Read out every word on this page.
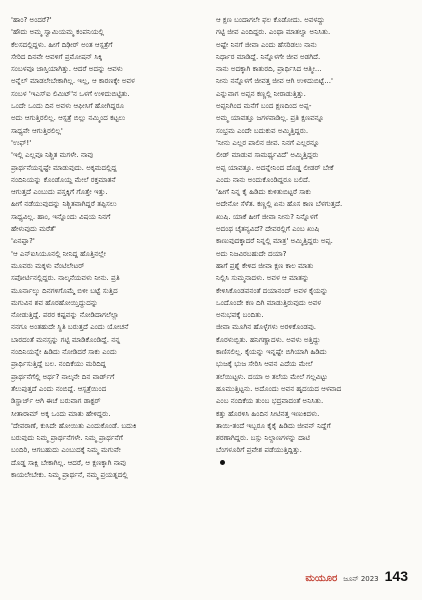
'ಹಾಂ? ಅಂದರೆ?'

'ಹೌದು ಅಮ್ಮ ಸ್ವಾಮಿಯಮ್ಮ ಕಂಪನಿಯಲ್ಲಿ

ಕೆಲಸದಲ್ಲಿದ್ದಳು. ಹೀಗೆ ದಿಢೀರ್ ಅಂತ ಆಸ್ಪತ್ರೆಗೆ

ಸೇರಿದ ದಿನವೇ ಆವಳಿಗೆ ಪ್ರಮೋಷನ್ ಸಿಕ್ಕಿ

ಸಂಬಳವೂ ಜಾಸ್ತಿಯಾಗಿತ್ತು. ಆದರೆ ಅದನ್ನು ಆವಳು

ಅನ್ನೆಲ್ ಮಾಡಲೇಬೇಕಾಗಿಲ್ಲ. ಇಲ್ಲ, ಆ ಕಾರಣಕ್ಕೇ ಅವಳ

ಸಂಬಳ 'ಇಎಸ್‌ಐ ಲಿಮಿಟ್'ನ ಒಳಗೆ ಉಳಿದುಬಿಟ್ಟಿತು.

ಒಂದೇ ಒಂದು ದಿನ ಅವಳು ಆಫೀಸಿಗೆ ಹೋಗಿದ್ದರೂ

ಅದು ಆಗುತ್ತಿರಲಿಲ್ಲ. ಆಸ್ಪತ್ರೆ ಬಿಲ್ಲು ನಮ್ಮಿಂದ ಕಟ್ಟಲು

ಸಾಧ್ಯವೇ ಆಗುತ್ತಿರಲಿಲ್ಲ'

'ಉಫ್!'

'ಇಲ್ಲಿ ಎಲ್ಲವೂ ನಿಶ್ಚಿತ ಮಗಳೇ. ನಾವು

ಪ್ರಾರ್ಥನೆಯನ್ನಷ್ಟೇ ಮಾಡುವುದು. ಅಕ್ಕಮದಲ್ಲಿದ್ದ

ನಂದಿನಿಯನ್ನು ಕೊಂಡೊಯ್ದ ಮೇಲೆ ರಕ್ತಮಾತನೆ

ಆಗುತ್ತದೆ ಎಂಬುದು ಪಸ್ತಕ್ಕಿಗೆ ಗೊತ್ತೇ ಇತ್ತು.

ಹೀಗೆ ನಡೆಯುವುದನ್ನು ನಿಶ್ಚಿತವಾಗಿದ್ದರೆ ತಪ್ಪಿಸಲು

ಸಾಧ್ಯವಿಲ್ಲ. ಹಾಂ, ಇನ್ನೊಂದು ವಿಷಯ ನಿನಗೆ

ಹೇಳುವುದು ಮರೆತೆ'

'ಏನಪ್ಪಾ?'

'ಆ ಎನ್‌ಐಸಿಯೂನಲ್ಲಿ ನೀನಿದ್ದ ಹೊತ್ತಿನಲ್ಲೇ

ಮೂವರು ಮಕ್ಕಳು ವೆಂಟಿಲೇಟರ್

ಸಪೋರ್ಟಿನಲ್ಲಿದ್ದರು. ನಾಲ್ಕನೆಯವಳು ನೀನು. ಪ್ರತಿ

ಮೂರ್ನಾಲ್ಕು ದಿನಗಳಿಗೊಮ್ಮೆ ಬಿಳೀ ಬಟ್ಟೆ ಸುತ್ತಿದ

ಮಗುವಿನ ಶವ ಹೊರಹೋಯ್ತಿದ್ದುದನ್ನು

ನೋಡುತ್ತಿದ್ದೆ. ಪರರ ಕಷ್ಟವನ್ನು ನೋಡಿದಾಗಲೆಲ್ಲಾ

ನನಗೂ ಅಂತಹುದೇ ಸ್ಥಿತಿ ಬರುತ್ತದೆ ಎಂದು ಯೋಚನೆ

ಬಾರದಂತೆ ಮನಸ್ಸನ್ನು ಗಟ್ಟಿ ಮಾಡಿಕೊಂಡಿದ್ದೆ. ನನ್ನ

ನಂದಿನಿಯನ್ನೇ ಹಿಡಿದು ನೋಡಿದರೆ ಸಾಕು ಎಂದು

ಪ್ರಾರ್ಥಿಸುತ್ತಿದ್ದೆ ಬಲ. ನಂದಿಕೆಯು ಮರಿದಿದ್ದ

ಪ್ರಾರ್ಥನೆಗೆಲ್ಲಿ ಅರ್ಥ? ನಾಲ್ಕನೇ ದಿನ ವಾರ್ಡ್‌ಗೆ

ತೆಲುಪುತ್ತದೆ ಎಂದು ನಂಬಿದ್ದೆ. ಆಸ್ಪತ್ರೆಯಿಂದ

ಡಿಸ್ಚಾರ್ಜ್ ಆಗಿ ಈಚೆ ಬರುವಾಗ ಡಾಕ್ಟರ್

ಸೀತಾರಾಮ್ ಅಕ್ಕ ಒಂದು ಮಾತು ಹೇಳಿದ್ದರು.

'ದೇವರಾಣೆ, ಕುಸಿದೇ ಹೋಯಿತು ಎಂದುಕೊಂಡೆ. ಬದುಕಿ

ಬರುವುದು ನಿಮ್ಮ ಪ್ರಾರ್ಥನೆಗಳೇ. ನಿಮ್ಮ ಪ್ರಾರ್ಥನೆಗೆ

ಬಂದಿರಿ, ಆಗಬಹುದು ಎಂಬುದಕ್ಕೆ ನಿಮ್ಮ ಮಗುವೇ

ದೊಡ್ಡ ಸಾಕ್ಷಿ ಬೇಕಾಗಿಲ್ಲ. ಆದರೆ, ಆ ಕ್ಷಣಕ್ಕಾಗಿ ನಾವು

ಕಾಯಲೇಬೇಕು. ನಿಮ್ಮ ಪ್ರಾರ್ಥನೆ, ನಮ್ಮ ಪ್ರಯತ್ನದಲ್ಲಿ

ಆ ಕ್ಷಣ ಬಂದಾಗಲೇ ಫಲ ಕೊಡೋದು. ಅವಳದ್ದು

ಗಟ್ಟಿ ಜೀವ ಎಂದಿದ್ದರು. ಎಂಥಾ ಮಾತಲ್ವಾ ಅನಿಸಿತು.

ಅಷ್ಟೇ ನಿನಗೆ ಜೀವಾ ಎಂದು ಹೆಸರಿಡಲು ನಾನು

ನಿರ್ಧಾರ ಮಾಡಿದ್ದೆ. ನಿನ್ನೊಳಗೇ ಜೀವ ಅಡಗಿದೆ.

ನಾನು ಅದಕ್ಕಾಗಿ ಕಾತುರದಿ, ಪ್ರಾರ್ಥಿಸಿದ ಆತ್ಮೀ...

ನೀನು ನನ್ನೊಳಗೆ ಜೀವತ್ತ ಜೀವ ಆಗಿ ಉಳಿದುಬಿಟ್ಟೆ...'

ಎನ್ನುವಾಗ ಅಪ್ಪನ ಕಣ್ಣಲ್ಲಿ ನೀರಾಡುತ್ತಿತ್ತು.

ಅಪ್ಪನಿಗಿಂದ ಮನೆಗೆ ಬಂದ ಕ್ಷಣದಿಂದ ಅಪ್ಪ-

ಅಮ್ಮ ಯಾವತ್ತೂ ಜಗಳವಾಡಿಲ್ಲ. ಪ್ರತಿ ಕ್ಷಣವನ್ನೂ

ಸಂಭ್ರಮ ಎಂದೇ ಬದುಕುವ ಅಮ್ಮಿತ್ತಿದ್ದರು.

'ನೀನು ಎಲ್ಲರ ಪಾಲಿನ ಜೀವ. ನಿನಗೆ ಎಲ್ಲರನ್ನೂ

ಲೀಡ್ ಮಾಡುವ ಸಾಮರ್ಥ್ಯವಿದೆ' ಅಮ್ಮಿತ್ತಿದ್ದರು

ಅಪ್ಪ ಯಾವತ್ತೂ. ಅದನ್ನೇನಿಂದ ದೊಡ್ಡ ಲೀಡರ್ ಬೇಕೆ

ಎಂದು ನಾನು ಅಂದುಕೊಂಡಿದ್ದರೂ ಬಲಿದೆ.

'ಹೀಗೆ ನಿನ್ನ ಕೈ ಹಿಡಿದು ಕುಳಿತುಬಿಟ್ಟರೆ ಸಾಕು

ಅದೇನೋ ಸೆಳೆತ. ಕಣ್ಣಲ್ಲಿ ಏನು ಹೊಸ ಕಾಣ ಬೆಳಗುತ್ತದೆ.

ಖುಷಿ. ಯಾಕೆ ಹೀಗೆ ಜೀವಾ ನೀನು? ನಿನ್ನೊಳಗೆ

ಅದಂಥ ಚೈತನ್ಯವಿದೆ? ದೇವರಲ್ಲಿಗೆ ಎಂಬ ಖುಷಿ

ಕಾಣುವುದಕ್ಕಾದರೆ ನಿನ್ನಲ್ಲಿ ಮಾತ್ರ' ಅಮ್ಮಿತ್ತಿದ್ದರು ಅಪ್ಪ.

ಅದು ನಿಜವಿರಬಹುದೇ ದಯಾ?

ಹಾಗೆ ಪ್ರಶ್ನೆ ಕೇಳಿದ ಜೀವಾ ಕ್ಷಣ ಕಾಲ ಮಾತು

ನಿಲ್ಲಿಸಿ ಸುಮ್ಮನಾದಳು. ಅವಳ ಆ ಮಾತನ್ನು

ಕೇಳಿಸಿಕೊಂಡವನಂತೆ ದಯಾನಂದ್ ಅವಳ ಕೈಯನ್ನು

ಒಂದೊಂದೇ ಕಣ ದಿಗಿ ಮಾಡುತ್ತಿರುವುದು ಅವಳ

ಅನುಭವಕ್ಕೆ ಬಂದಿತು.

ಜೀವಾ ಮೂಗಿನ ಹೊಳ್ಳೆಗಳು ಅರಳಿಕೊಂಡವು.

ಕೊರಳುಬ್ಬಿತು. ಹನಿಗಣ್ಣಾದಳು. ಅವಳು ಅತ್ತಿದ್ದು

ಕಾಣಿಸಲಿಲ್ಲ. ಕೈಯನ್ನು ಇನ್ನಷ್ಟೇ ಬಿಗಿಯಾಗಿ ಹಿಡಿದು

ಭುಜಕ್ಕೆ ಭುಜ ಸೇರಿಸಿ ಆವನ ಎದೆಯ ಮೇಲೆ

ತಲೆಯಿಟ್ಟಳು. ದಯಾ ಅ ತಲೆಯ ಮೇಲೆ ಗಲ್ಲವಿಟ್ಟು

ಹೂಮುತ್ತಿಟ್ಟನು. ಅದೊಂದು ಅವನ ಹೃದಯದ ಆಳವಾದ

ಎಂಬ ನಂದಿಕೆಯ ತುಂಬ ಭದ್ರವಾದಂತೆ ಅನಿಸಿತು.

ಕತ್ತು ಹೊರಳಿಸಿ ಹಿಂದಿನ ಸೀಟಿನತ್ತ ಇಣುಕಿದಳು.

ತಾಯಿ-ತಂದೆ ಇಬ್ಬರೂ ಕೈಕೈ ಹಿಡಿದು ಜೀವನ್ ನಿದ್ದೆಗೆ

ಶರಣಾಗಿದ್ದರು. ಬಸ್ಸು ನಿಲ್ದಾಣಗಳನ್ನು ದಾಟಿ

ಬೆಂಗಳೂರಿಗೆ ಪ್ರವೇಶ ಪಡೆಯುತ್ತಿದ್ದಿತ್ತು.

ಮಯೂರ ಜೂನ್ 2023 143
